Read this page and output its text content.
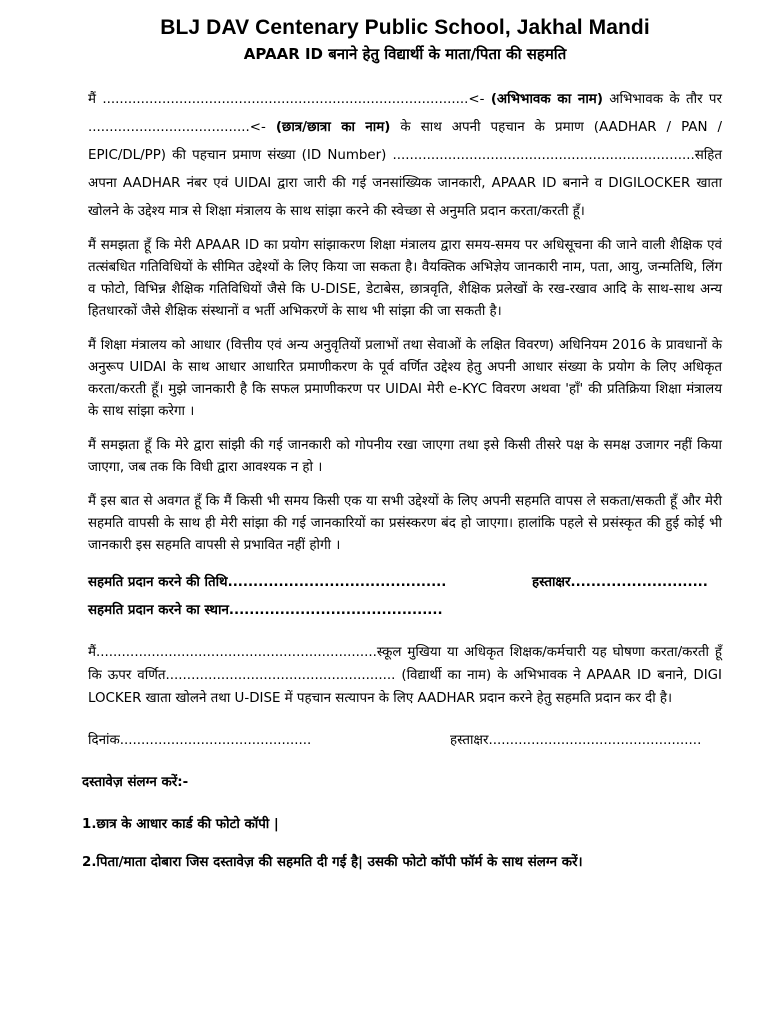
BLJ DAV Centenary Public School, Jakhal Mandi
APAAR ID बनाने हेतु विद्यार्थी के माता/पिता की सहमति

मैं ......................................................................................<- (अभिभावक का नाम) अभिभावक के तौर पर ......................................<- (छात्र/छात्रा का नाम) के साथ अपनी पहचान के प्रमाण (AADHAR / PAN / EPIC/DL/PP) की पहचान प्रमाण संख्या (ID Number) .......................................................................सहित अपना AADHAR नंबर एवं UIDAI द्वारा जारी की गई जनसांख्यिक जानकारी, APAAR ID बनाने व DIGILOCKER खाता खोलने के उद्देश्य मात्र से शिक्षा मंत्रालय के साथ सांझा करने की स्वेच्छा से अनुमति प्रदान करता/करती हूँ।

मैं समझता हूँ कि मेरी APAAR ID का प्रयोग सांझाकरण शिक्षा मंत्रालय द्वारा समय-समय पर अधिसूचना की जाने वाली शैक्षिक एवं तत्संबधित गतिविधियों के सीमित उद्देश्यों के लिए किया जा सकता है। वैयक्तिक अभिज्ञेय जानकारी नाम, पता, आयु, जन्मतिथि, लिंग व फोटो, विभिन्न शैक्षिक गतिविधियों जैसे कि U-DISE, डेटाबेस, छात्रवृति, शैक्षिक प्रलेखों के रख-रखाव आदि के साथ-साथ अन्य हितधारकों जैसे शैक्षिक संस्थानों व भर्ती अभिकरणें के साथ भी सांझा की जा सकती है।

मैं शिक्षा मंत्रालय को आधार (वित्तीय एवं अन्य अनुवृतियों प्रलाभों तथा सेवाओं के लक्षित विवरण) अधिनियम 2016 के प्रावधानों के अनुरूप UIDAI के साथ आधार आधारित प्रमाणीकरण के पूर्व वर्णित उद्देश्य हेतु अपनी आधार संख्या के प्रयोग के लिए अधिकृत करता/करती हूँ। मुझे जानकारी है कि सफल प्रमाणीकरण पर UIDAI मेरी e-KYC विवरण अथवा 'हाँ' की प्रतिक्रिया शिक्षा मंत्रालय के साथ सांझा करेगा ।

मैं समझता हूँ कि मेरे द्वारा सांझी की गई जानकारी को गोपनीय रखा जाएगा तथा इसे किसी तीसरे पक्ष के समक्ष उजागर नहीं किया जाएगा, जब तक कि विधी द्वारा आवश्यक न हो ।

मैं इस बात से अवगत हूँ कि मैं किसी भी समय किसी एक या सभी उद्देश्यों के लिए अपनी सहमति वापस ले सकता/सकती हूँ और मेरी सहमति वापसी के साथ ही मेरी सांझा की गई जानकारियों का प्रसंस्करण बंद हो जाएगा। हालांकि पहले से प्रसंस्कृत की हुई कोई भी जानकारी इस सहमति वापसी से प्रभावित नहीं होगी ।

सहमति प्रदान करने की तिथि...........................................	हस्ताक्षर...........................
सहमति प्रदान करने का स्थान..........................................

मैं..................................................................स्कूल मुखिया या अधिकृत शिक्षक/कर्मचारी यह घोषणा करता/करती हूँ कि ऊपर वर्णित...................................................... (विद्यार्थी का नाम) के अभिभावक ने APAAR ID बनाने, DIGI LOCKER खाता खोलने तथा U-DISE में पहचान सत्यापन के लिए AADHAR प्रदान करने हेतु सहमति प्रदान कर दी है।

दिनांक.............................................	हस्ताक्षर..................................................
दस्तावेज़ संलग्न करें:-
1.छात्र के आधार कार्ड की फोटो कॉपी |
2.पिता/माता दोबारा जिस दस्तावेज़ की सहमति दी गई है| उसकी फोटो कॉपी फॉर्म के साथ संलग्न करें।
